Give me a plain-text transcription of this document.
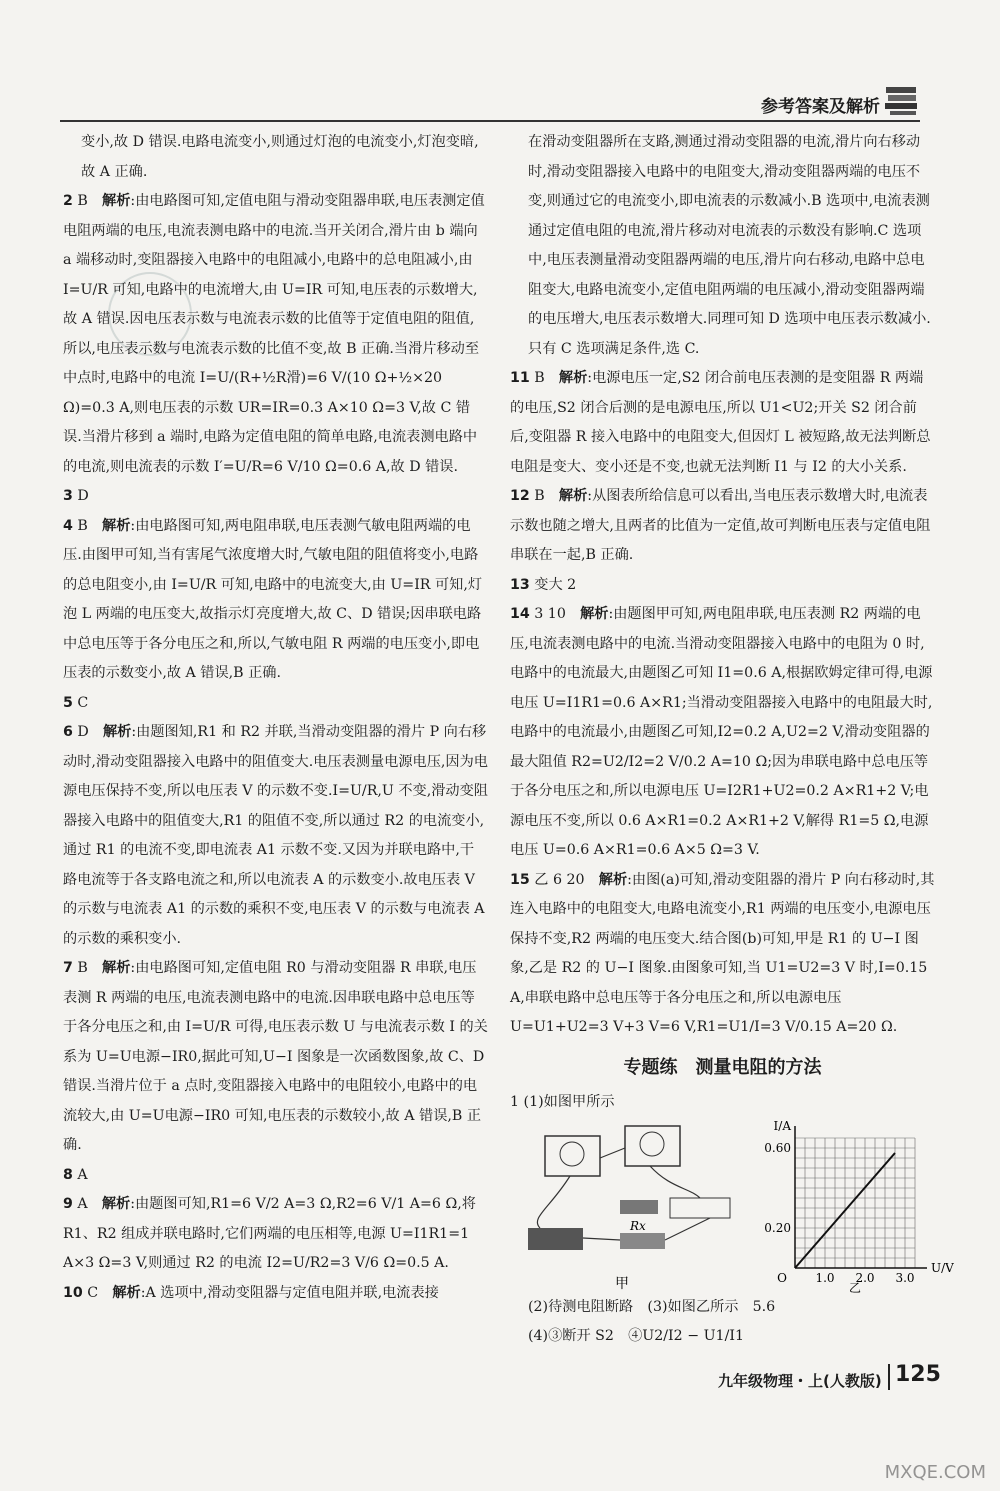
参考答案及解析

变小,故 D 错误.电路电流变小,则通过灯泡的电流变小,灯泡变暗,故 A 正确.

2 B　 解析:由电路图可知,定值电阻与滑动变阻器串联,电压表测定值电阻两端的电压,电流表测电路中的电流.当开关闭合,滑片由 b 端向 a 端移动时,变阻器接入电路中的电阻减小,电路中的总电阻减小,由 I=U/R 可知,电路中的电流增大,由 U=IR 可知,电压表的示数增大,故 A 错误.因电压表示数与电流表示数的比值等于定值电阻的阻值,所以,电压表示数与电流表示数的比值不变,故 B 正确.当滑片移动至中点时,电路中的电流 I=U/(R+½R滑)=6 V/(10 Ω+½×20 Ω)=0.3 A,则电压表的示数 UR=IR=0.3 A×10 Ω=3 V,故 C 错误.当滑片移到 a 端时,电路为定值电阻的简单电路,电流表测电路中的电流,则电流表的示数 I′=U/R=6 V/10 Ω=0.6 A,故 D 错误.

3 D　

4 B　 解析:由电路图可知,两电阻串联,电压表测气敏电阻两端的电压.由图甲可知,当有害尾气浓度增大时,气敏电阻的阻值将变小,电路的总电阻变小,由 I=U/R 可知,电路中的电流变大,由 U=IR 可知,灯泡 L 两端的电压变大,故指示灯亮度增大,故 C、D 错误;因串联电路中总电压等于各分电压之和,所以,气敏电阻 R 两端的电压变小,即电压表的示数变小,故 A 错误,B 正确.

5 C　

6 D　 解析:由题图知,R1 和 R2 并联,当滑动变阻器的滑片 P 向右移动时,滑动变阻器接入电路中的阻值变大.电压表测量电源电压,因为电源电压保持不变,所以电压表 V 的示数不变.I=U/R,U 不变,滑动变阻器接入电路中的阻值变大,R1 的阻值不变,所以通过 R2 的电流变小,通过 R1 的电流不变,即电流表 A1 示数不变.又因为并联电路中,干路电流等于各支路电流之和,所以电流表 A 的示数变小.故电压表 V 的示数与电流表 A1 的示数的乘积不变,电压表 V 的示数与电流表 A 的示数的乘积变小.

7 B　 解析:由电路图可知,定值电阻 R0 与滑动变阻器 R 串联,电压表测 R 两端的电压,电流表测电路中的电流.因串联电路中总电压等于各分电压之和,由 I=U/R 可得,电压表示数 U 与电流表示数 I 的关系为 U=U电源−IR0,据此可知,U−I 图象是一次函数图象,故 C、D 错误.当滑片位于 a 点时,变阻器接入电路中的电阻较小,电路中的电流较大,由 U=U电源−IR0 可知,电压表的示数较小,故 A 错误,B 正确.

8 A　

9 A　 解析:由题图可知,R1=6 V/2 A=3 Ω,R2=6 V/1 A=6 Ω,将 R1、R2 组成并联电路时,它们两端的电压相等,电源 U=I1R1=1 A×3 Ω=3 V,则通过 R2 的电流 I2=U/R2=3 V/6 Ω=0.5 A.

10 C　 解析:A 选项中,滑动变阻器与定值电阻并联,电流表接

在滑动变阻器所在支路,测通过滑动变阻器的电流,滑片向右移动时,滑动变阻器接入电路中的电阻变大,滑动变阻器两端的电压不变,则通过它的电流变小,即电流表的示数减小.B 选项中,电流表测通过定值电阻的电流,滑片移动对电流表的示数没有影响.C 选项中,电压表测量滑动变阻器两端的电压,滑片向右移动,电路中总电阻变大,电路电流变小,定值电阻两端的电压减小,滑动变阻器两端的电压增大,电压表示数增大.同理可知 D 选项中电压表示数减小.只有 C 选项满足条件,选 C.

11 B　 解析:电源电压一定,S2 闭合前电压表测的是变阻器 R 两端的电压,S2 闭合后测的是电源电压,所以 U1<U2;开关 S2 闭合前后,变阻器 R 接入电路中的电阻变大,但因灯 L 被短路,故无法判断总电阻是变大、变小还是不变,也就无法判断 I1 与 I2 的大小关系.

12 B　 解析:从图表所给信息可以看出,当电压表示数增大时,电流表示数也随之增大,且两者的比值为一定值,故可判断电压表与定值电阻串联在一起,B 正确.

13 变大 2　

14 3 10　 解析:由题图甲可知,两电阻串联,电压表测 R2 两端的电压,电流表测电路中的电流.当滑动变阻器接入电路中的电阻为 0 时,电路中的电流最大,由题图乙可知 I1=0.6 A,根据欧姆定律可得,电源电压 U=I1R1=0.6 A×R1;当滑动变阻器接入电路中的电阻最大时,电路中的电流最小,由题图乙可知,I2=0.2 A,U2=2 V,滑动变阻器的最大阻值 R2=U2/I2=2 V/0.2 A=10 Ω;因为串联电路中总电压等于各分电压之和,所以电源电压 U=I2R1+U2=0.2 A×R1+2 V;电源电压不变,所以 0.6 A×R1=0.2 A×R1+2 V,解得 R1=5 Ω,电源电压 U=0.6 A×R1=0.6 A×5 Ω=3 V.

15 乙 6 20　 解析:由图(a)可知,滑动变阻器的滑片 P 向右移动时,其连入电路中的电阻变大,电路电流变小,R1 两端的电压变小,电源电压保持不变,R2 两端的电压变大.结合图(b)可知,甲是 R1 的 U−I 图象,乙是 R2 的 U−I 图象.由图象可知,当 U1=U2=3 V 时,I=0.15 A,串联电路中总电压等于各分电压之和,所以电源电压 U=U1+U2=3 V+3 V=6 V,R1=U1/I=3 V/0.15 A=20 Ω.

专题练　测量电阻的方法

1 (1)如图甲所示

Rx
甲
I/A
U/V
O
0.20
0.60
1.0 2.0 3.0
乙

(2)待测电阻断路　(3)如图乙所示　5.6

(4)③断开 S2　④U2/I2 − U1/I1

九年级物理・上(人教版) 125
MXQE.COM
